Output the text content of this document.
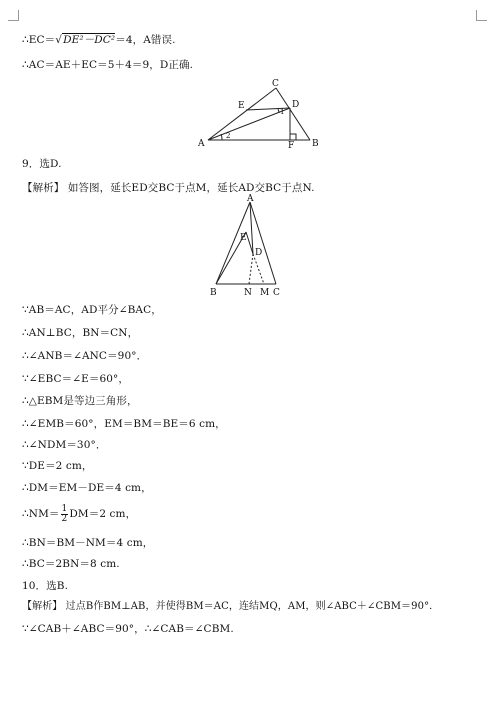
∴EC＝√DE²－DC²＝4，A错误.
∴AC＝AE＋EC＝5＋4＝9，D正确.
A	B
C
D
E
F
1
2
9．选D.
【解析】 如答图，延长ED交BC于点M，延长AD交BC于点N.
A
E
D
B	N M C
∵AB＝AC，AD平分∠BAC，
∴AN⊥BC，BN＝CN，
∴∠ANB＝∠ANC＝90°．
∵∠EBC＝∠E＝60°，
∴△EBM是等边三角形，
∴∠EMB＝60°，EM＝BM＝BE＝6 cm，
∴∠NDM＝30°．
∵DE＝2 cm，
∴DM＝EM－DE＝4 cm，
∴NM＝ $\frac{1}{2} DM=2$ cm，
∴BN＝BM－NM＝4 cm，
∴BC＝2BN＝8 cm.
10．选B.
【解析】 过点B作BM⊥AB，并使得BM＝AC，连结MQ，AM，则∠ABC＋∠CBM＝90°．
∵∠CAB＋∠ABC＝90°，∴∠CAB＝∠CBM.
